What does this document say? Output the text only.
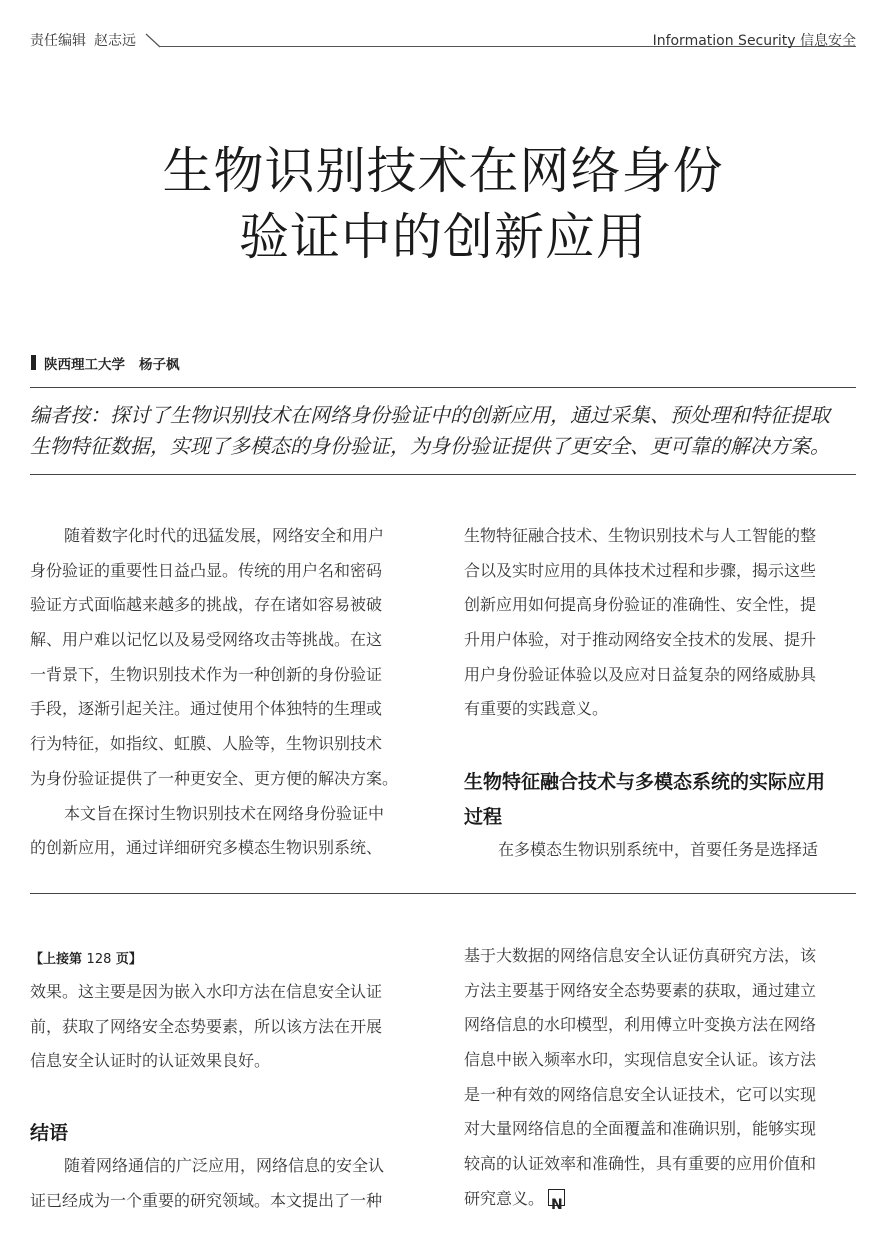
责任编辑 赵志远	Information Security 信息安全
生物识别技术在网络身份
验证中的创新应用
陕西理工大学 杨子枫
编者按：探讨了生物识别技术在网络身份验证中的创新应用，通过采集、预处理和特征提取
生物特征数据，实现了多模态的身份验证，为身份验证提供了更安全、更可靠的解决方案。
随着数字化时代的迅猛发展，网络安全和用户
身份验证的重要性日益凸显。传统的用户名和密码
验证方式面临越来越多的挑战，存在诸如容易被破
解、用户难以记忆以及易受网络攻击等挑战。在这
一背景下，生物识别技术作为一种创新的身份验证
手段，逐渐引起关注。通过使用个体独特的生理或
行为特征，如指纹、虹膜、人脸等，生物识别技术
为身份验证提供了一种更安全、更方便的解决方案。
本文旨在探讨生物识别技术在网络身份验证中
的创新应用，通过详细研究多模态生物识别系统、
生物特征融合技术、生物识别技术与人工智能的整
合以及实时应用的具体技术过程和步骤，揭示这些
创新应用如何提高身份验证的准确性、安全性，提
升用户体验，对于推动网络安全技术的发展、提升
用户身份验证体验以及应对日益复杂的网络威胁具
有重要的实践意义。
生物特征融合技术与多模态系统的实际应用
过程
在多模态生物识别系统中，首要任务是选择适
【上接第 128 页】
效果。这主要是因为嵌入水印方法在信息安全认证
前，获取了网络安全态势要素，所以该方法在开展
信息安全认证时的认证效果良好。
结语
随着网络通信的广泛应用，网络信息的安全认
证已经成为一个重要的研究领域。本文提出了一种
基于大数据的网络信息安全认证仿真研究方法，该
方法主要基于网络安全态势要素的获取，通过建立
网络信息的水印模型，利用傅立叶变换方法在网络
信息中嵌入频率水印，实现信息安全认证。该方法
是一种有效的网络信息安全认证技术，它可以实现
对大量网络信息的全面覆盖和准确识别，能够实现
较高的认证效率和准确性，具有重要的应用价值和
研究意义。N
